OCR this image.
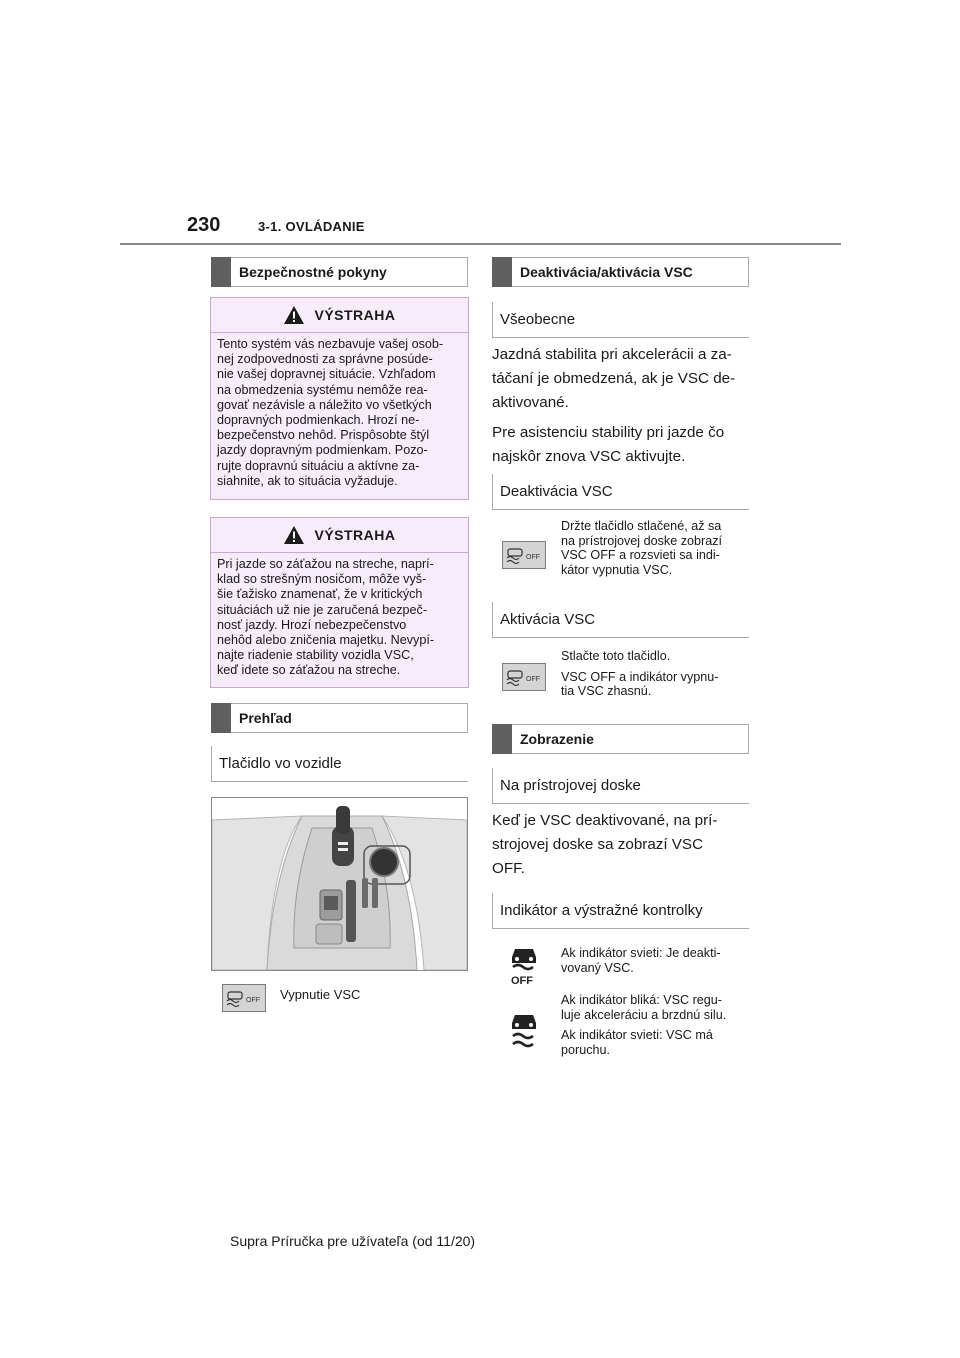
230	3-1. OVLÁDANIE
Bezpečnostné pokyny
VÝSTRAHA
Tento systém vás nezbavuje vašej osob-
nej zodpovednosti za správne posúde-
nie vašej dopravnej situácie. Vzhľadom
na obmedzenia systému nemôže rea-
govať nezávisle a náležito vo všetkých
dopravných podmienkach. Hrozí ne-
bezpečenstvo nehôd. Prispôsobte štýl
jazdy dopravným podmienkam. Pozo-
rujte dopravnú situáciu a aktívne za-
siahnite, ak to situácia vyžaduje.
VÝSTRAHA
Pri jazde so záťažou na streche, naprí-
klad so strešným nosičom, môže vyš-
šie ťažisko znamenať, že v kritických
situáciách už nie je zaručená bezpeč-
nosť jazdy. Hrozí nebezpečenstvo
nehôd alebo zničenia majetku. Nevypí-
najte riadenie stability vozidla VSC,
keď idete so záťažou na streche.
Prehľad
Tlačidlo vo vozidle
OFF Vypnutie VSC
Deaktivácia/aktivácia VSC
Všeobecne
Jazdná stabilita pri akcelerácii a za-
táčaní je obmedzená, ak je VSC de-
aktivované.
Pre asistenciu stability pri jazde čo
najskôr znova VSC aktivujte.
Deaktivácia VSC
OFF
Držte tlačidlo stlačené, až sa
na prístrojovej doske zobrazí
VSC OFF a rozsvieti sa indi-
kátor vypnutia VSC.
Aktivácia VSC
OFF
Stlačte toto tlačidlo.
VSC OFF a indikátor vypnu-
tia VSC zhasnú.
Zobrazenie
Na prístrojovej doske
Keď je VSC deaktivované, na prí-
strojovej doske sa zobrazí VSC
OFF.
Indikátor a výstražné kontrolky
OFF
Ak indikátor svieti: Je deakti-
vovaný VSC.
Ak indikátor bliká: VSC regu-
luje akceleráciu a brzdnú silu.
Ak indikátor svieti: VSC má
poruchu.
Supra Príručka pre užívateľa (od 11/20)
